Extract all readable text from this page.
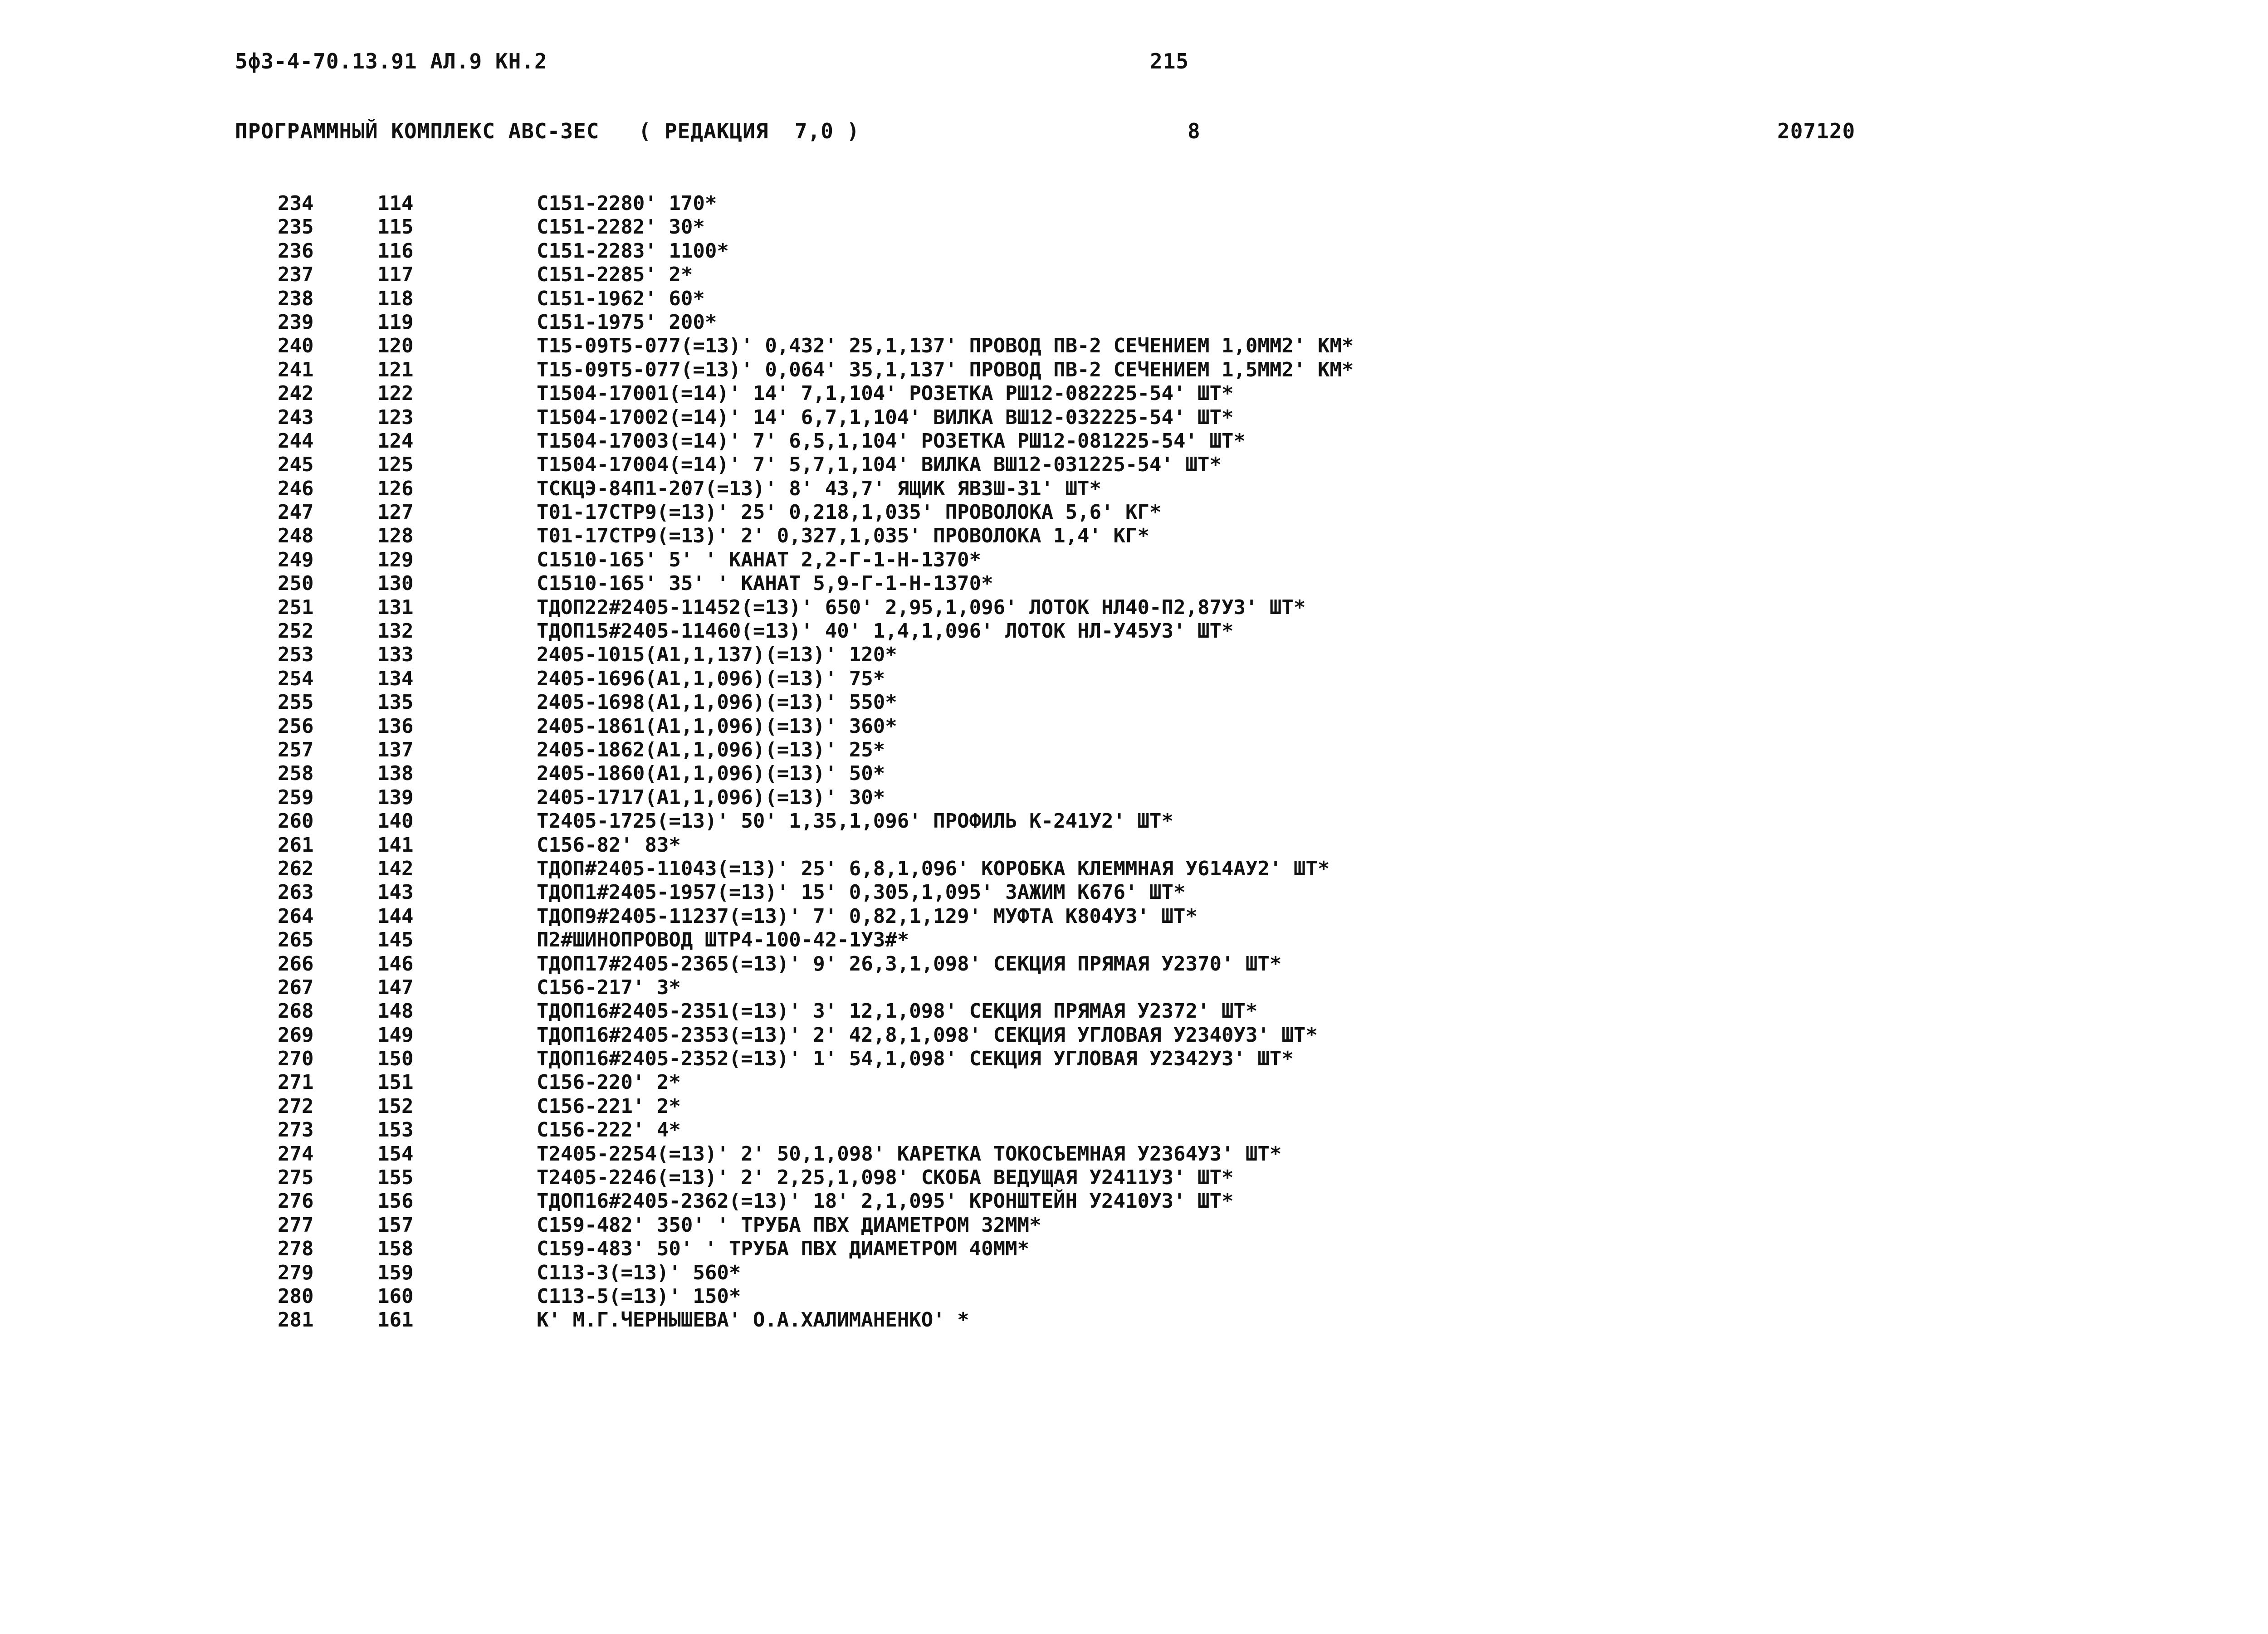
5ф3-4-70.13.91 АЛ.9 КН.2	215
ПРОГРАММНЫЙ КОМПЛЕКС АВС-3ЕС   ( РЕДАКЦИЯ  7,0 )	8	207120
234	114	С151-2280' 170*
235	115	С151-2282' 30*
236	116	С151-2283' 1100*
237	117	С151-2285' 2*
238	118	С151-1962' 60*
239	119	С151-1975' 200*
240	120	Т15-09Т5-077(=13)' 0,432' 25,1,137' ПРОВОД ПВ-2 СЕЧЕНИЕМ 1,0ММ2' КМ*
241	121	Т15-09Т5-077(=13)' 0,064' 35,1,137' ПРОВОД ПВ-2 СЕЧЕНИЕМ 1,5ММ2' КМ*
242	122	Т1504-17001(=14)' 14' 7,1,104' РОЗЕТКА РШ12-082225-54' ШТ*
243	123	Т1504-17002(=14)' 14' 6,7,1,104' ВИЛКА ВШ12-032225-54' ШТ*
244	124	Т1504-17003(=14)' 7' 6,5,1,104' РОЗЕТКА РШ12-081225-54' ШТ*
245	125	Т1504-17004(=14)' 7' 5,7,1,104' ВИЛКА ВШ12-031225-54' ШТ*
246	126	ТСКЦЭ-84П1-207(=13)' 8' 43,7' ЯЩИК ЯВЗШ-31' ШТ*
247	127	Т01-17СТР9(=13)' 25' 0,218,1,035' ПРОВОЛОКА 5,6' КГ*
248	128	Т01-17СТР9(=13)' 2' 0,327,1,035' ПРОВОЛОКА 1,4' КГ*
249	129	С1510-165' 5' ' КАНАТ 2,2-Г-1-Н-1370*
250	130	С1510-165' 35' ' КАНАТ 5,9-Г-1-Н-1370*
251	131	ТДОП22#2405-11452(=13)' 650' 2,95,1,096' ЛОТОК НЛ40-П2,87У3' ШТ*
252	132	ТДОП15#2405-11460(=13)' 40' 1,4,1,096' ЛОТОК НЛ-У45У3' ШТ*
253	133	2405-1015(А1,1,137)(=13)' 120*
254	134	2405-1696(А1,1,096)(=13)' 75*
255	135	2405-1698(А1,1,096)(=13)' 550*
256	136	2405-1861(А1,1,096)(=13)' 360*
257	137	2405-1862(А1,1,096)(=13)' 25*
258	138	2405-1860(А1,1,096)(=13)' 50*
259	139	2405-1717(А1,1,096)(=13)' 30*
260	140	Т2405-1725(=13)' 50' 1,35,1,096' ПРОФИЛЬ К-241У2' ШТ*
261	141	С156-82' 83*
262	142	ТДОП#2405-11043(=13)' 25' 6,8,1,096' КОРОБКА КЛЕММНАЯ У614АУ2' ШТ*
263	143	ТДОП1#2405-1957(=13)' 15' 0,305,1,095' ЗАЖИМ К676' ШТ*
264	144	ТДОП9#2405-11237(=13)' 7' 0,82,1,129' МУФТА К804У3' ШТ*
265	145	П2#ШИНОПРОВОД ШТР4-100-42-1У3#*
266	146	ТДОП17#2405-2365(=13)' 9' 26,3,1,098' СЕКЦИЯ ПРЯМАЯ У2370' ШТ*
267	147	С156-217' 3*
268	148	ТДОП16#2405-2351(=13)' 3' 12,1,098' СЕКЦИЯ ПРЯМАЯ У2372' ШТ*
269	149	ТДОП16#2405-2353(=13)' 2' 42,8,1,098' СЕКЦИЯ УГЛОВАЯ У2340У3' ШТ*
270	150	ТДОП16#2405-2352(=13)' 1' 54,1,098' СЕКЦИЯ УГЛОВАЯ У2342У3' ШТ*
271	151	С156-220' 2*
272	152	С156-221' 2*
273	153	С156-222' 4*
274	154	Т2405-2254(=13)' 2' 50,1,098' КАРЕТКА ТОКОСЪЕМНАЯ У2364У3' ШТ*
275	155	Т2405-2246(=13)' 2' 2,25,1,098' СКОБА ВЕДУЩАЯ У2411У3' ШТ*
276	156	ТДОП16#2405-2362(=13)' 18' 2,1,095' КРОНШТЕЙН У2410У3' ШТ*
277	157	С159-482' 350' ' ТРУБА ПВХ ДИАМЕТРОМ 32ММ*
278	158	С159-483' 50' ' ТРУБА ПВХ ДИАМЕТРОМ 40ММ*
279	159	С113-3(=13)' 560*
280	160	С113-5(=13)' 150*
281	161	К' М.Г.ЧЕРНЫШЕВА' О.А.ХАЛИМАНЕНКО' *
